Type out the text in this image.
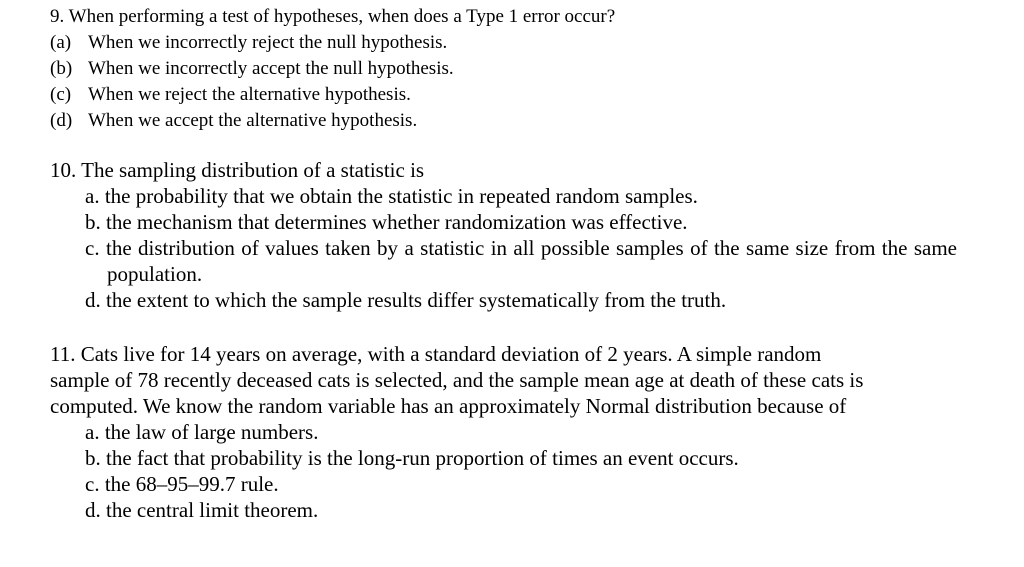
9. When performing a test of hypotheses, when does a Type 1 error occur?

(a) When we incorrectly reject the null hypothesis.
(b) When we incorrectly accept the null hypothesis.
(c) When we reject the alternative hypothesis.
(d) When we accept the alternative hypothesis.

10. The sampling distribution of a statistic is

a. the probability that we obtain the statistic in repeated random samples.
b. the mechanism that determines whether randomization was effective.
c. the distribution of values taken by a statistic in all possible samples of the same size from the same population.
d. the extent to which the sample results differ systematically from the truth.

11. Cats live for 14 years on average, with a standard deviation of 2 years. A simple random
sample of 78 recently deceased cats is selected, and the sample mean age at death of these cats is
computed. We know the random variable has an approximately Normal distribution because of

a. the law of large numbers.
b. the fact that probability is the long-run proportion of times an event occurs.
c. the 68–95–99.7 rule.
d. the central limit theorem.
